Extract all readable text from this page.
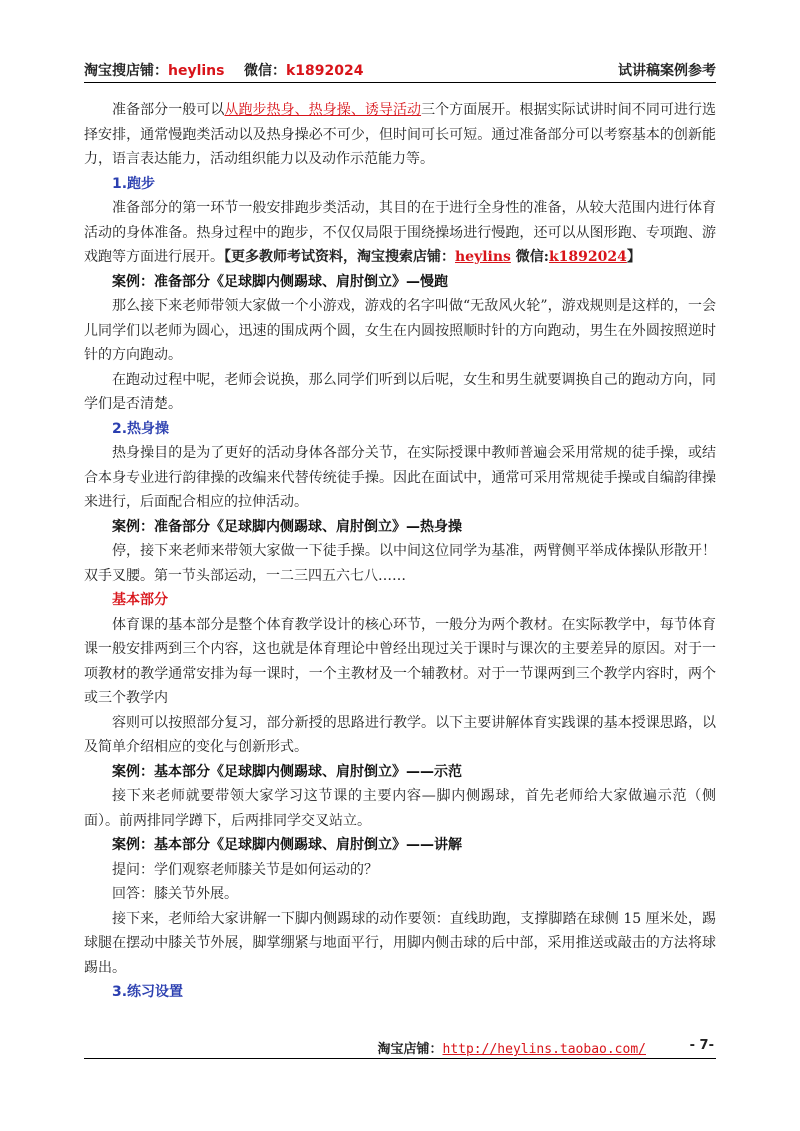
淘宝搜店铺：heylins 微信：k1892024	试讲稿案例参考

准备部分一般可以从跑步热身、热身操、诱导活动三个方面展开。根据实际试讲时间不同可进行选择安排，通常慢跑类活动以及热身操必不可少，但时间可长可短。通过准备部分可以考察基本的创新能力，语言表达能力，活动组织能力以及动作示范能力等。

1.跑步

准备部分的第一环节一般安排跑步类活动，其目的在于进行全身性的准备，从较大范围内进行体育活动的身体准备。热身过程中的跑步，不仅仅局限于围绕操场进行慢跑，还可以从图形跑、专项跑、游戏跑等方面进行展开。【更多教师考试资料，淘宝搜索店铺：heylins 微信:k1892024】

案例：准备部分《足球脚内侧踢球、肩肘倒立》—慢跑

那么接下来老师带领大家做一个小游戏，游戏的名字叫做“无敌风火轮”，游戏规则是这样的，一会儿同学们以老师为圆心，迅速的围成两个圆，女生在内圆按照顺时针的方向跑动，男生在外圆按照逆时针的方向跑动。

在跑动过程中呢，老师会说换，那么同学们听到以后呢，女生和男生就要调换自己的跑动方向，同学们是否清楚。

2.热身操

热身操目的是为了更好的活动身体各部分关节，在实际授课中教师普遍会采用常规的徒手操，或结合本身专业进行韵律操的改编来代替传统徒手操。因此在面试中，通常可采用常规徒手操或自编韵律操来进行，后面配合相应的拉伸活动。

案例：准备部分《足球脚内侧踢球、肩肘倒立》—热身操

停，接下来老师来带领大家做一下徒手操。以中间这位同学为基准，两臂侧平举成体操队形散开！双手叉腰。第一节头部运动，一二三四五六七八……

基本部分

体育课的基本部分是整个体育教学设计的核心环节，一般分为两个教材。在实际教学中，每节体育课一般安排两到三个内容，这也就是体育理论中曾经出现过关于课时与课次的主要差异的原因。对于一项教材的教学通常安排为每一课时，一个主教材及一个辅教材。对于一节课两到三个教学内容时，两个或三个教学内

容则可以按照部分复习，部分新授的思路进行教学。以下主要讲解体育实践课的基本授课思路，以及简单介绍相应的变化与创新形式。

案例：基本部分《足球脚内侧踢球、肩肘倒立》——示范

接下来老师就要带领大家学习这节课的主要内容—脚内侧踢球，首先老师给大家做遍示范（侧面）。前两排同学蹲下，后两排同学交叉站立。

案例：基本部分《足球脚内侧踢球、肩肘倒立》——讲解

提问：学们观察老师膝关节是如何运动的？

回答：膝关节外展。

接下来，老师给大家讲解一下脚内侧踢球的动作要领：直线助跑，支撑脚踏在球侧 15 厘米处，踢球腿在摆动中膝关节外展，脚掌绷紧与地面平行，用脚内侧击球的后中部，采用推送或敲击的方法将球踢出。

3.练习设置

淘宝店铺：http://heylins.taobao.com/	- 7-
